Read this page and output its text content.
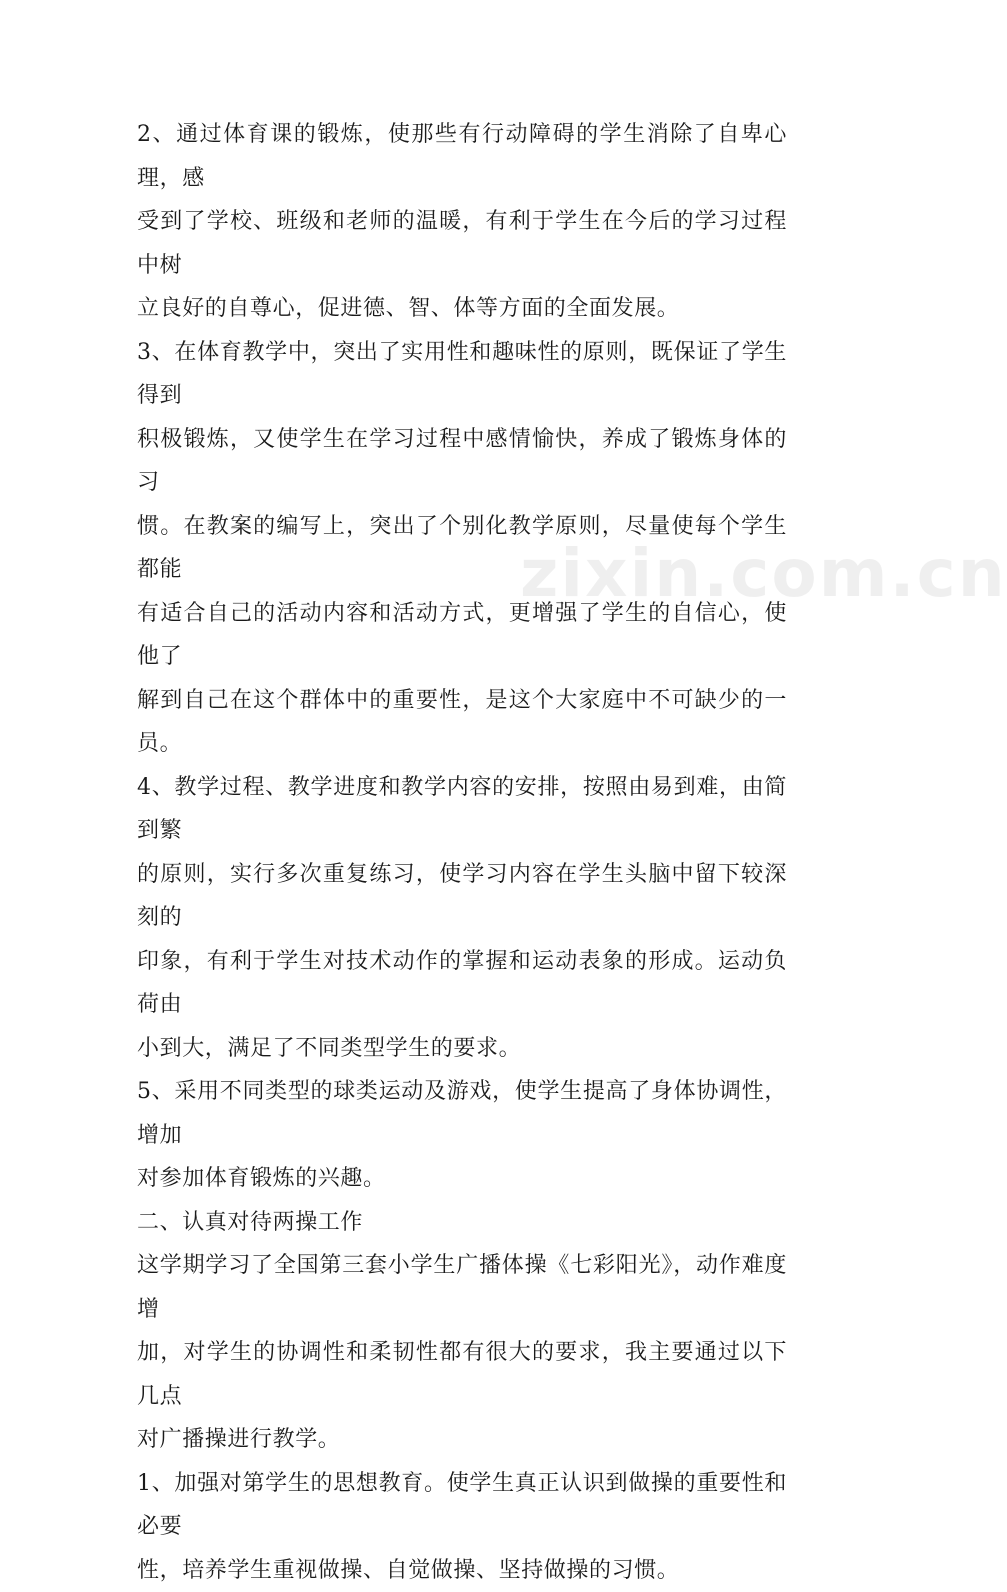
2、通过体育课的锻炼，使那些有行动障碍的学生消除了自卑心理，感

受到了学校、班级和老师的温暖，有利于学生在今后的学习过程中树

立良好的自尊心，促进德、智、体等方面的全面发展。

3、在体育教学中，突出了实用性和趣味性的原则，既保证了学生得到

积极锻炼，又使学生在学习过程中感情愉快，养成了锻炼身体的习

惯。在教案的编写上，突出了个别化教学原则，尽量使每个学生都能

有适合自己的活动内容和活动方式，更增强了学生的自信心，使他了

解到自己在这个群体中的重要性，是这个大家庭中不可缺少的一员。

4、教学过程、教学进度和教学内容的安排，按照由易到难，由简到繁

的原则，实行多次重复练习，使学习内容在学生头脑中留下较深刻的

印象，有利于学生对技术动作的掌握和运动表象的形成。运动负荷由

小到大，满足了不同类型学生的要求。

5、采用不同类型的球类运动及游戏，使学生提高了身体协调性，增加

对参加体育锻炼的兴趣。

二、认真对待两操工作

这学期学习了全国第三套小学生广播体操《七彩阳光》，动作难度增

加，对学生的协调性和柔韧性都有很大的要求，我主要通过以下几点

对广播操进行教学。

1、加强对第学生的思想教育。使学生真正认识到做操的重要性和必要

性，培养学生重视做操、自觉做操、坚持做操的习惯。

zixin.com.cn
